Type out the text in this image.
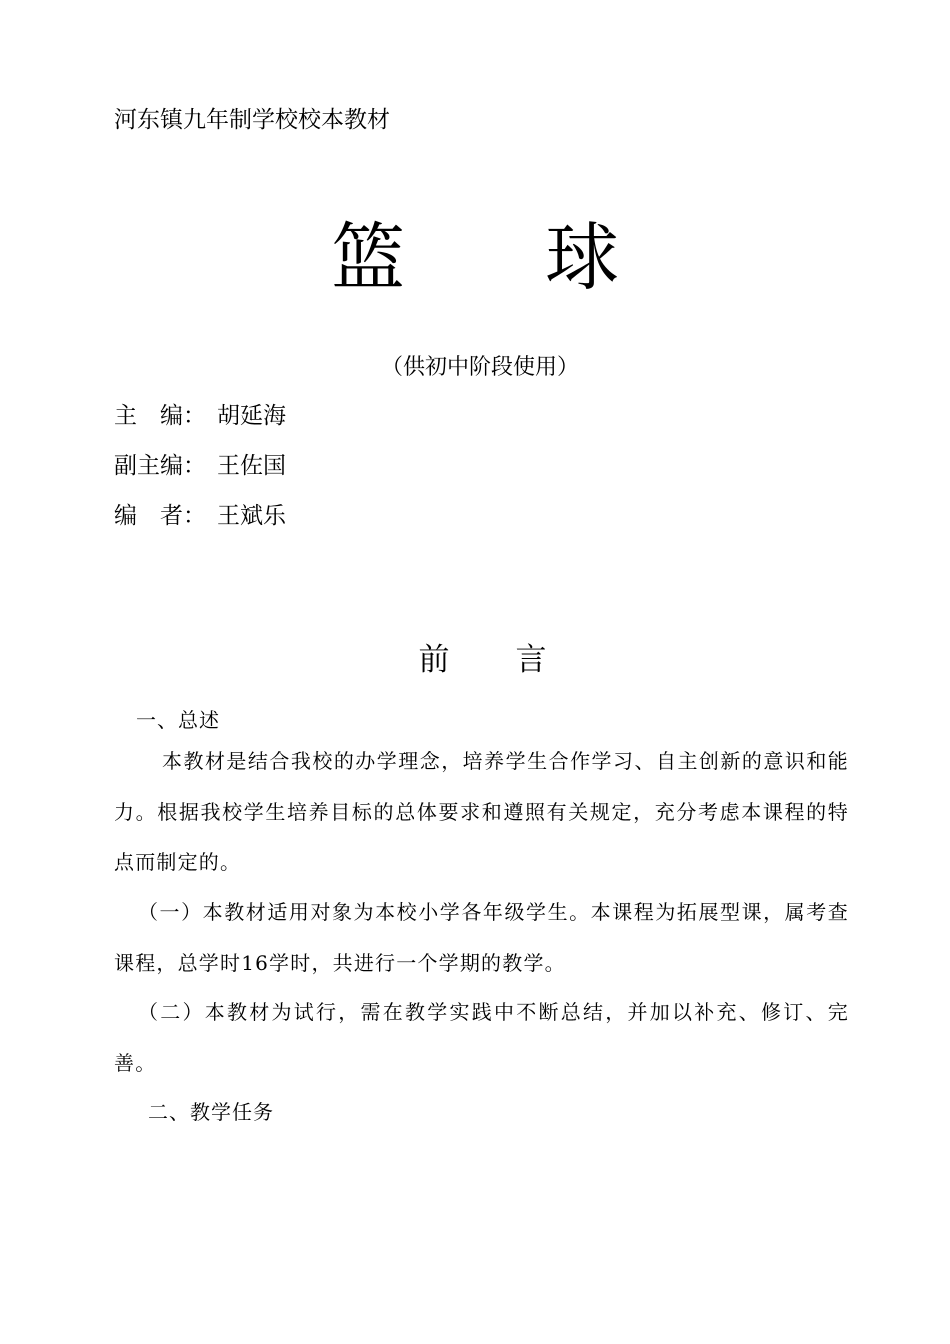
河东镇九年制学校校本教材
篮 球
（供初中阶段使用）
主　编： 胡延海
副主编： 王佐国
编　者： 王斌乐
前 言
一、总述
本教材是结合我校的办学理念，培养学生合作学习、自主创新的意识和能力。根据我校学生培养目标的总体要求和遵照有关规定，充分考虑本课程的特点而制定的。
（一）本教材适用对象为本校小学各年级学生。本课程为拓展型课，属考查课程，总学时16学时，共进行一个学期的教学。
（二）本教材为试行，需在教学实践中不断总结，并加以补充、修订、完善。
二、教学任务
